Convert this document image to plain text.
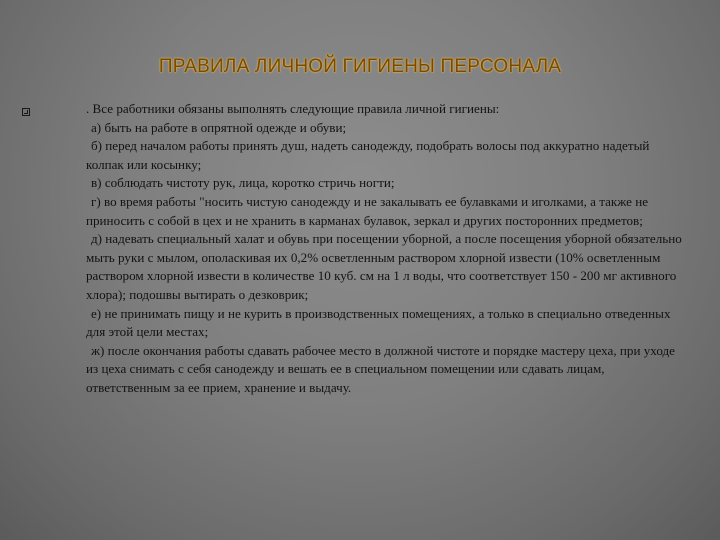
ПРАВИЛА ЛИЧНОЙ ГИГИЕНЫ ПЕРСОНАЛА

. Все работники обязаны выполнять следующие правила личной гигиены:

а) быть на работе в опрятной одежде и обуви;

б) перед началом работы принять душ, надеть санодежду, подобрать волосы под аккуратно надетый колпак или косынку;

в) соблюдать чистоту рук, лица, коротко стричь ногти;

г) во время работы "носить чистую санодежду и не закалывать ее булавками и иголками, а также не приносить с собой в цех и не хранить в карманах булавок, зеркал и других посторонних предметов;

д) надевать специальный халат и обувь при посещении уборной, а после посещения уборной обязательно мыть руки с мылом, ополаскивая их 0,2% осветленным раствором хлорной извести (10% осветленным раствором хлорной извести в количестве 10 куб. см на 1 л воды, что соответствует 150 - 200 мг активного хлора); подошвы вытирать о дезковрик;

е) не принимать пищу и не курить в производственных помещениях, а только в специально отведенных для этой цели местах;

ж) после окончания работы сдавать рабочее место в должной чистоте и порядке мастеру цеха, при уходе из цеха снимать с себя санодежду и вешать ее в специальном помещении или сдавать лицам, ответственным за ее прием, хранение и выдачу.
